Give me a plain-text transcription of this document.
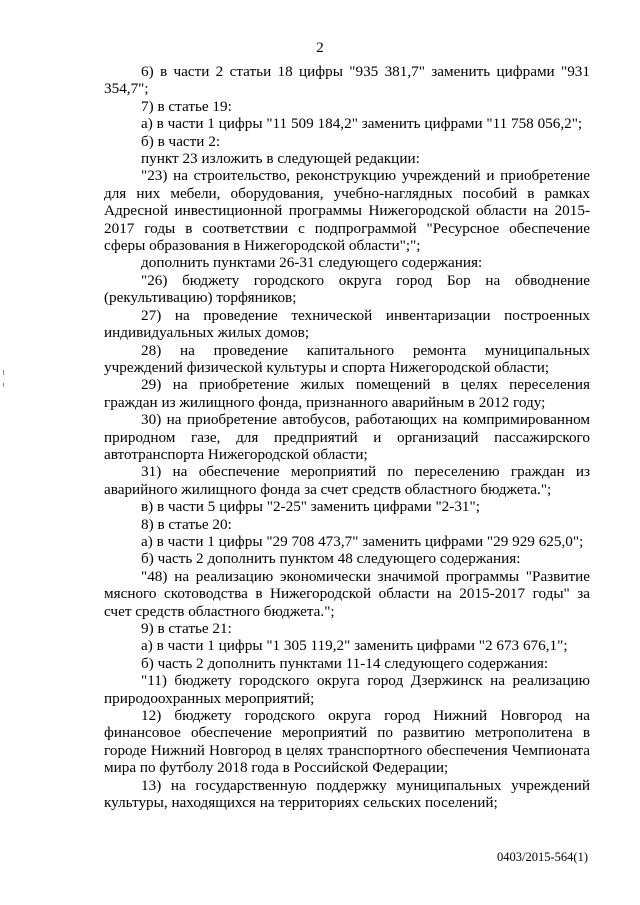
2

6) в части 2 статьи 18 цифры "935 381,7" заменить цифрами "931 354,7";

7) в статье 19:

а) в части 1 цифры "11 509 184,2" заменить цифрами "11 758 056,2";

б) в части 2:

пункт 23 изложить в следующей редакции:

"23) на строительство, реконструкцию учреждений и приобретение для них мебели, оборудования, учебно-наглядных пособий в рамках Адресной инвестиционной программы Нижегородской области на 2015-2017 годы в соответствии с подпрограммой "Ресурсное обеспечение сферы образования в Нижегородской области";";

дополнить пунктами 26-31 следующего содержания:

"26) бюджету городского округа город Бор на обводнение (рекультивацию) торфяников;

27) на проведение технической инвентаризации построенных индивидуальных жилых домов;

28) на проведение капитального ремонта муниципальных учреждений физической культуры и спорта Нижегородской области;

29) на приобретение жилых помещений в целях переселения граждан из жилищного фонда, признанного аварийным в 2012 году;

30) на приобретение автобусов, работающих на компримированном природном газе, для предприятий и организаций пассажирского автотранспорта Нижегородской области;

31) на обеспечение мероприятий по переселению граждан из аварийного жилищного фонда за счет средств областного бюджета.";

в) в части 5 цифры "2-25" заменить цифрами "2-31";

8) в статье 20:

а) в части 1 цифры "29 708 473,7" заменить цифрами "29 929 625,0";

б) часть 2 дополнить пунктом 48 следующего содержания:

"48) на реализацию экономически значимой программы "Развитие мясного скотоводства в Нижегородской области на 2015-2017 годы" за счет средств областного бюджета.";

9) в статье 21:

а) в части 1 цифры "1 305 119,2" заменить цифрами "2 673 676,1";

б) часть 2 дополнить пунктами 11-14 следующего содержания:

"11) бюджету городского округа город Дзержинск на реализацию природоохранных мероприятий;

12) бюджету городского округа город Нижний Новгород на финансовое обеспечение мероприятий по развитию метрополитена в городе Нижний Новгород в целях транспортного обеспечения Чемпионата мира по футболу 2018 года в Российской Федерации;

13) на государственную поддержку муниципальных учреждений культуры, находящихся на территориях сельских поселений;

0403/2015-564(1)
